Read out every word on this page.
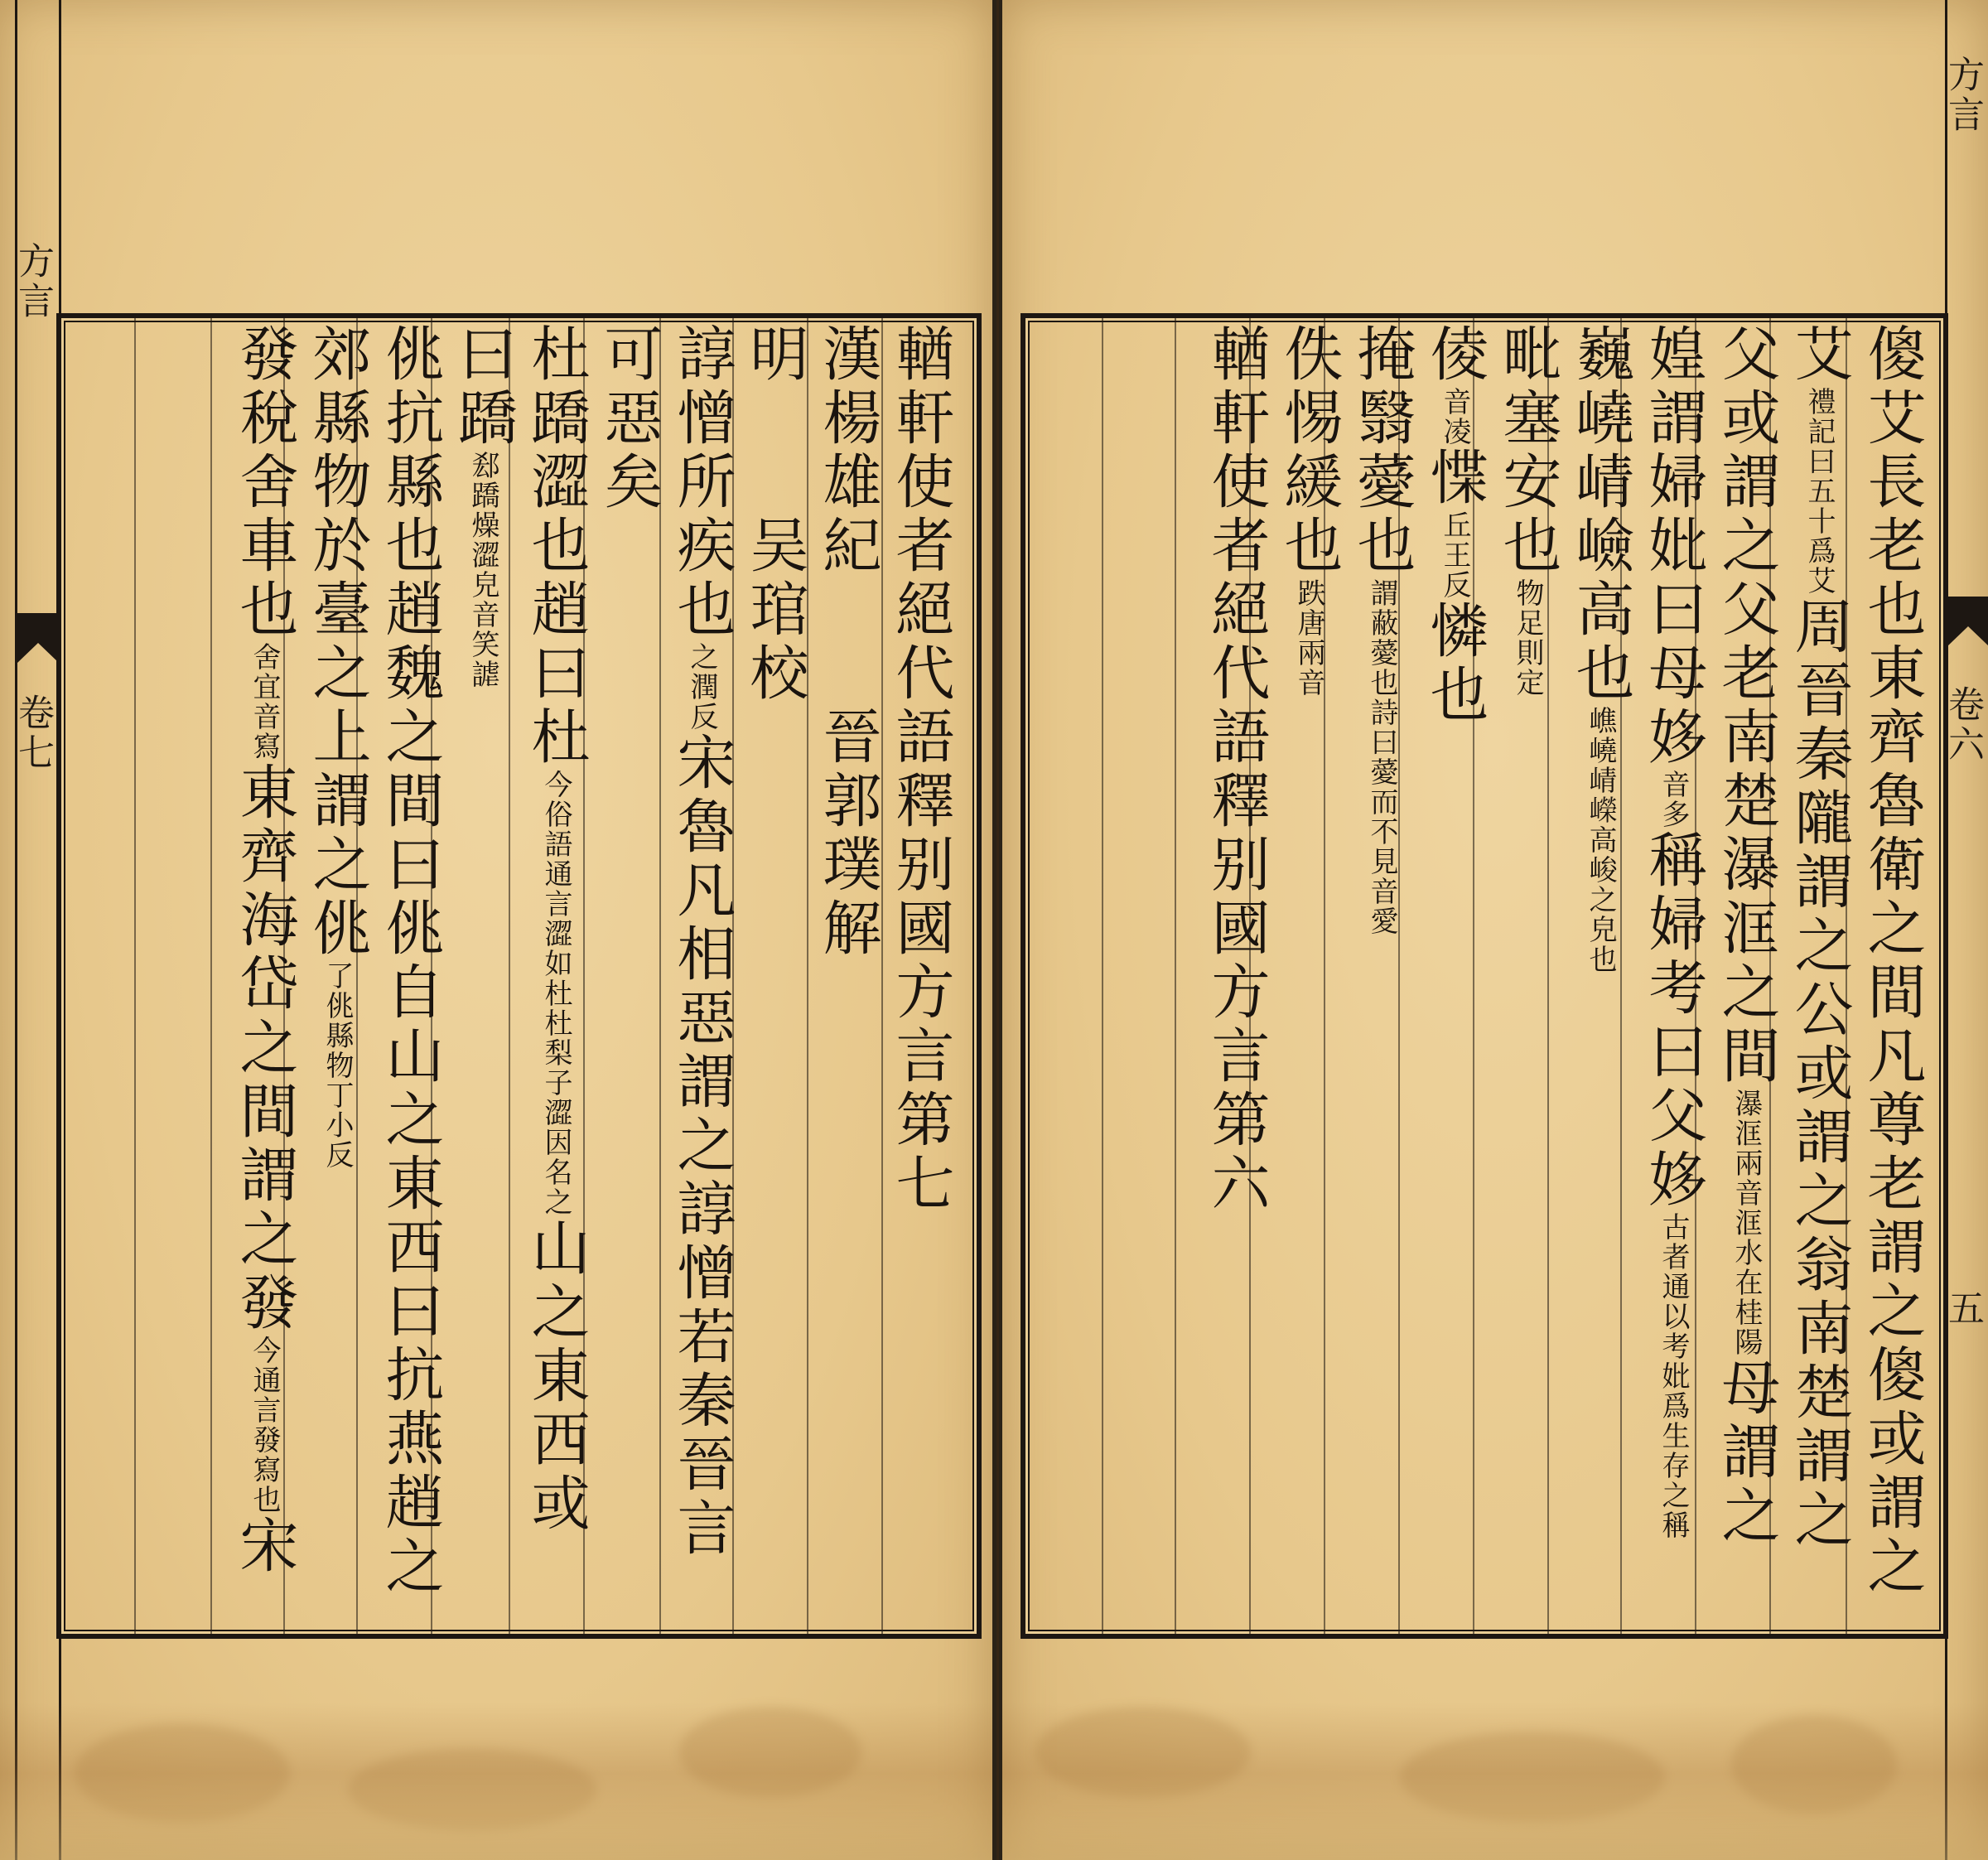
方言
卷七	輶軒使者絕代語釋别國方言第七
漢楊雄紀　　晉郭璞解
明　　吴琯校
諄憎所疾也之潤反宋魯凡相惡謂之諄憎若秦晉言
可惡矣
杜蹻澀也趙曰杜今俗語通言澀如杜杜梨子澀因名之山之東西或
曰蹻郄蹻燥澀皃音笑謔
佻抗縣也趙魏之間曰佻自山之東西曰抗燕趙之
郊縣物於臺之上謂之佻了佻縣物丁小反
發稅舍車也舍宜音寫東齊海岱之間謂之發今通言發寫也宋
方言
卷六
五
傻艾長老也東齊魯衛之間凡尊老謂之傻或謂之
艾禮記曰五十爲艾周晉秦隴謂之公或謂之翁南楚謂之
父或謂之父老南楚瀑洭之間瀑洭兩音洭水在桂陽母謂之
媓謂婦妣曰母姼音多稱婦考曰父姼古者通以考妣爲生存之稱
巍嶢崝嶮高也嶕嶢崝嶸高峻之皃也
毗塞安也物足則定
倰音凌惵丘王反憐也
掩翳薆也謂蔽薆也詩曰薆而不見音愛
佚惕緩也跌唐兩音
輶軒使者絕代語釋别國方言第六
